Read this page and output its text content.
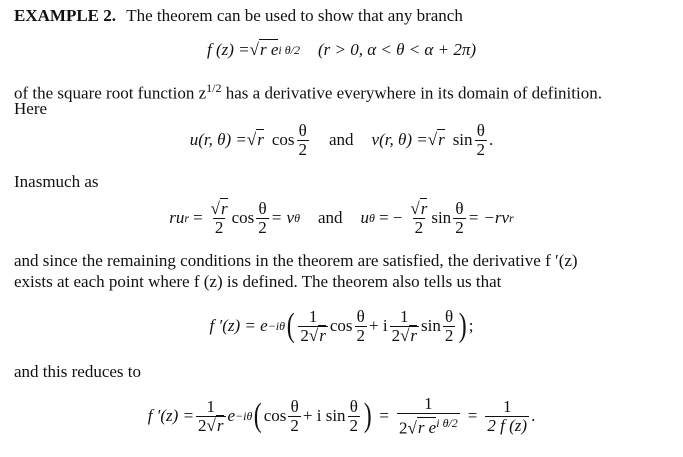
EXAMPLE 2. The theorem can be used to show that any branch
f (z) = √r e i θ/2 (r > 0, α < θ < α + 2π)
of the square root function $z^{1/2}$ has a derivative everywhere in its domain of definition.
Here
u(r, θ) = √r $\cos \frac{\theta}{2}$ and v(r, θ) = √r $\sin \frac{\theta}{2}$ .
Inasmuch as
ru $r = \frac{√r}{2}$ $\cos \frac{\theta}{2} = v$ θ and u θ = − $\frac{√r}{2}$ $\sin \frac{\theta}{2} = -rv$ r
and since the remaining conditions in the theorem are satisfied, the derivative f ′(z)
exists at each point where f (z) is defined. The theorem also tells us that
f ′(z) = e −iθ ( $\frac{1}{2√r}$ $\cos \frac{\theta}{2} + i \frac{1}{2√r}$ $\sin \frac{\theta}{2}$ ) ;
and this reduces to
f $'(z) = \frac{1}{2√r}$ e −iθ ( $\cos \frac{\theta}{2} + i$ $\sin \frac{\theta}{2}$ ) = $\frac{1}{2√r e^{i \theta/2}} = \frac{1}{2 f (z)}$ .
